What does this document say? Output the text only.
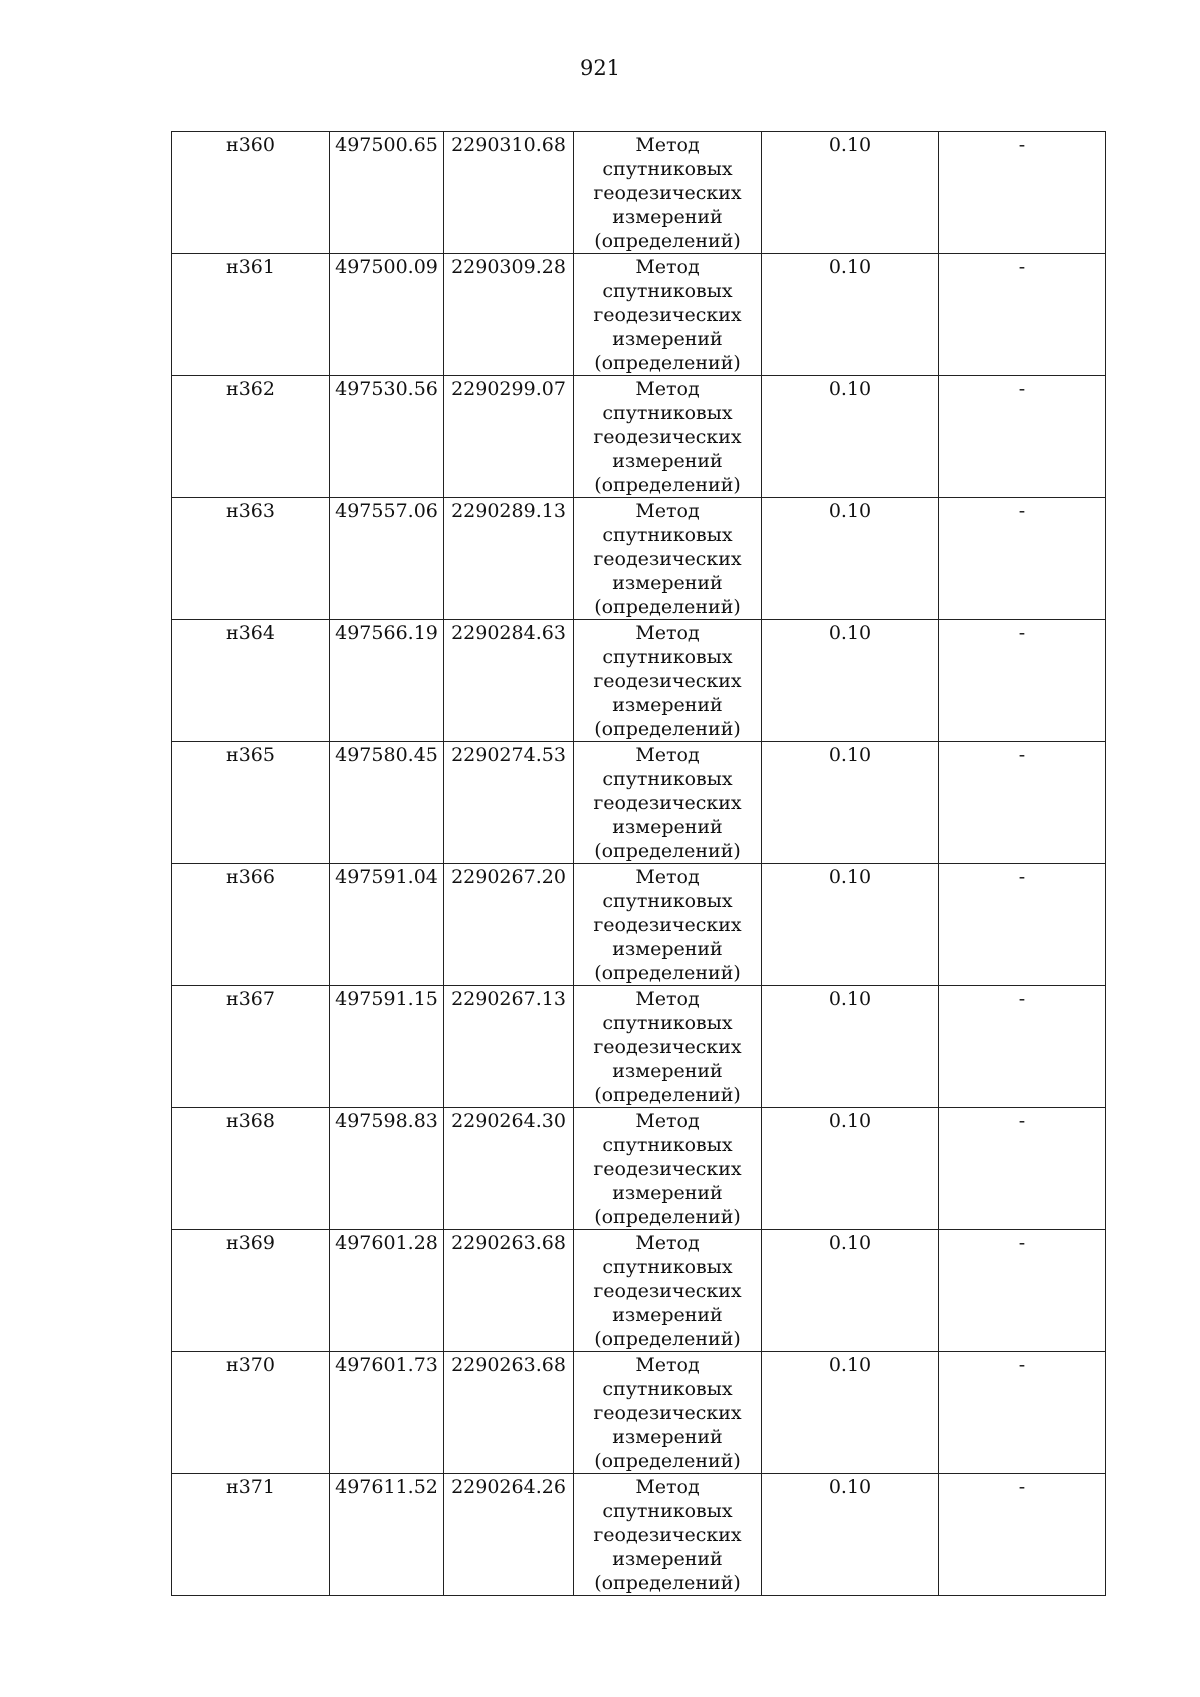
921
н360	497500.65	2290310.68	Метод
спутниковых
геодезических
измерений
(определений)	0.10	-
н361	497500.09	2290309.28	Метод
спутниковых
геодезических
измерений
(определений)	0.10	-
н362	497530.56	2290299.07	Метод
спутниковых
геодезических
измерений
(определений)	0.10	-
н363	497557.06	2290289.13	Метод
спутниковых
геодезических
измерений
(определений)	0.10	-
н364	497566.19	2290284.63	Метод
спутниковых
геодезических
измерений
(определений)	0.10	-
н365	497580.45	2290274.53	Метод
спутниковых
геодезических
измерений
(определений)	0.10	-
н366	497591.04	2290267.20	Метод
спутниковых
геодезических
измерений
(определений)	0.10	-
н367	497591.15	2290267.13	Метод
спутниковых
геодезических
измерений
(определений)	0.10	-
н368	497598.83	2290264.30	Метод
спутниковых
геодезических
измерений
(определений)	0.10	-
н369	497601.28	2290263.68	Метод
спутниковых
геодезических
измерений
(определений)	0.10	-
н370	497601.73	2290263.68	Метод
спутниковых
геодезических
измерений
(определений)	0.10	-
н371	497611.52	2290264.26	Метод
спутниковых
геодезических
измерений
(определений)	0.10	-
